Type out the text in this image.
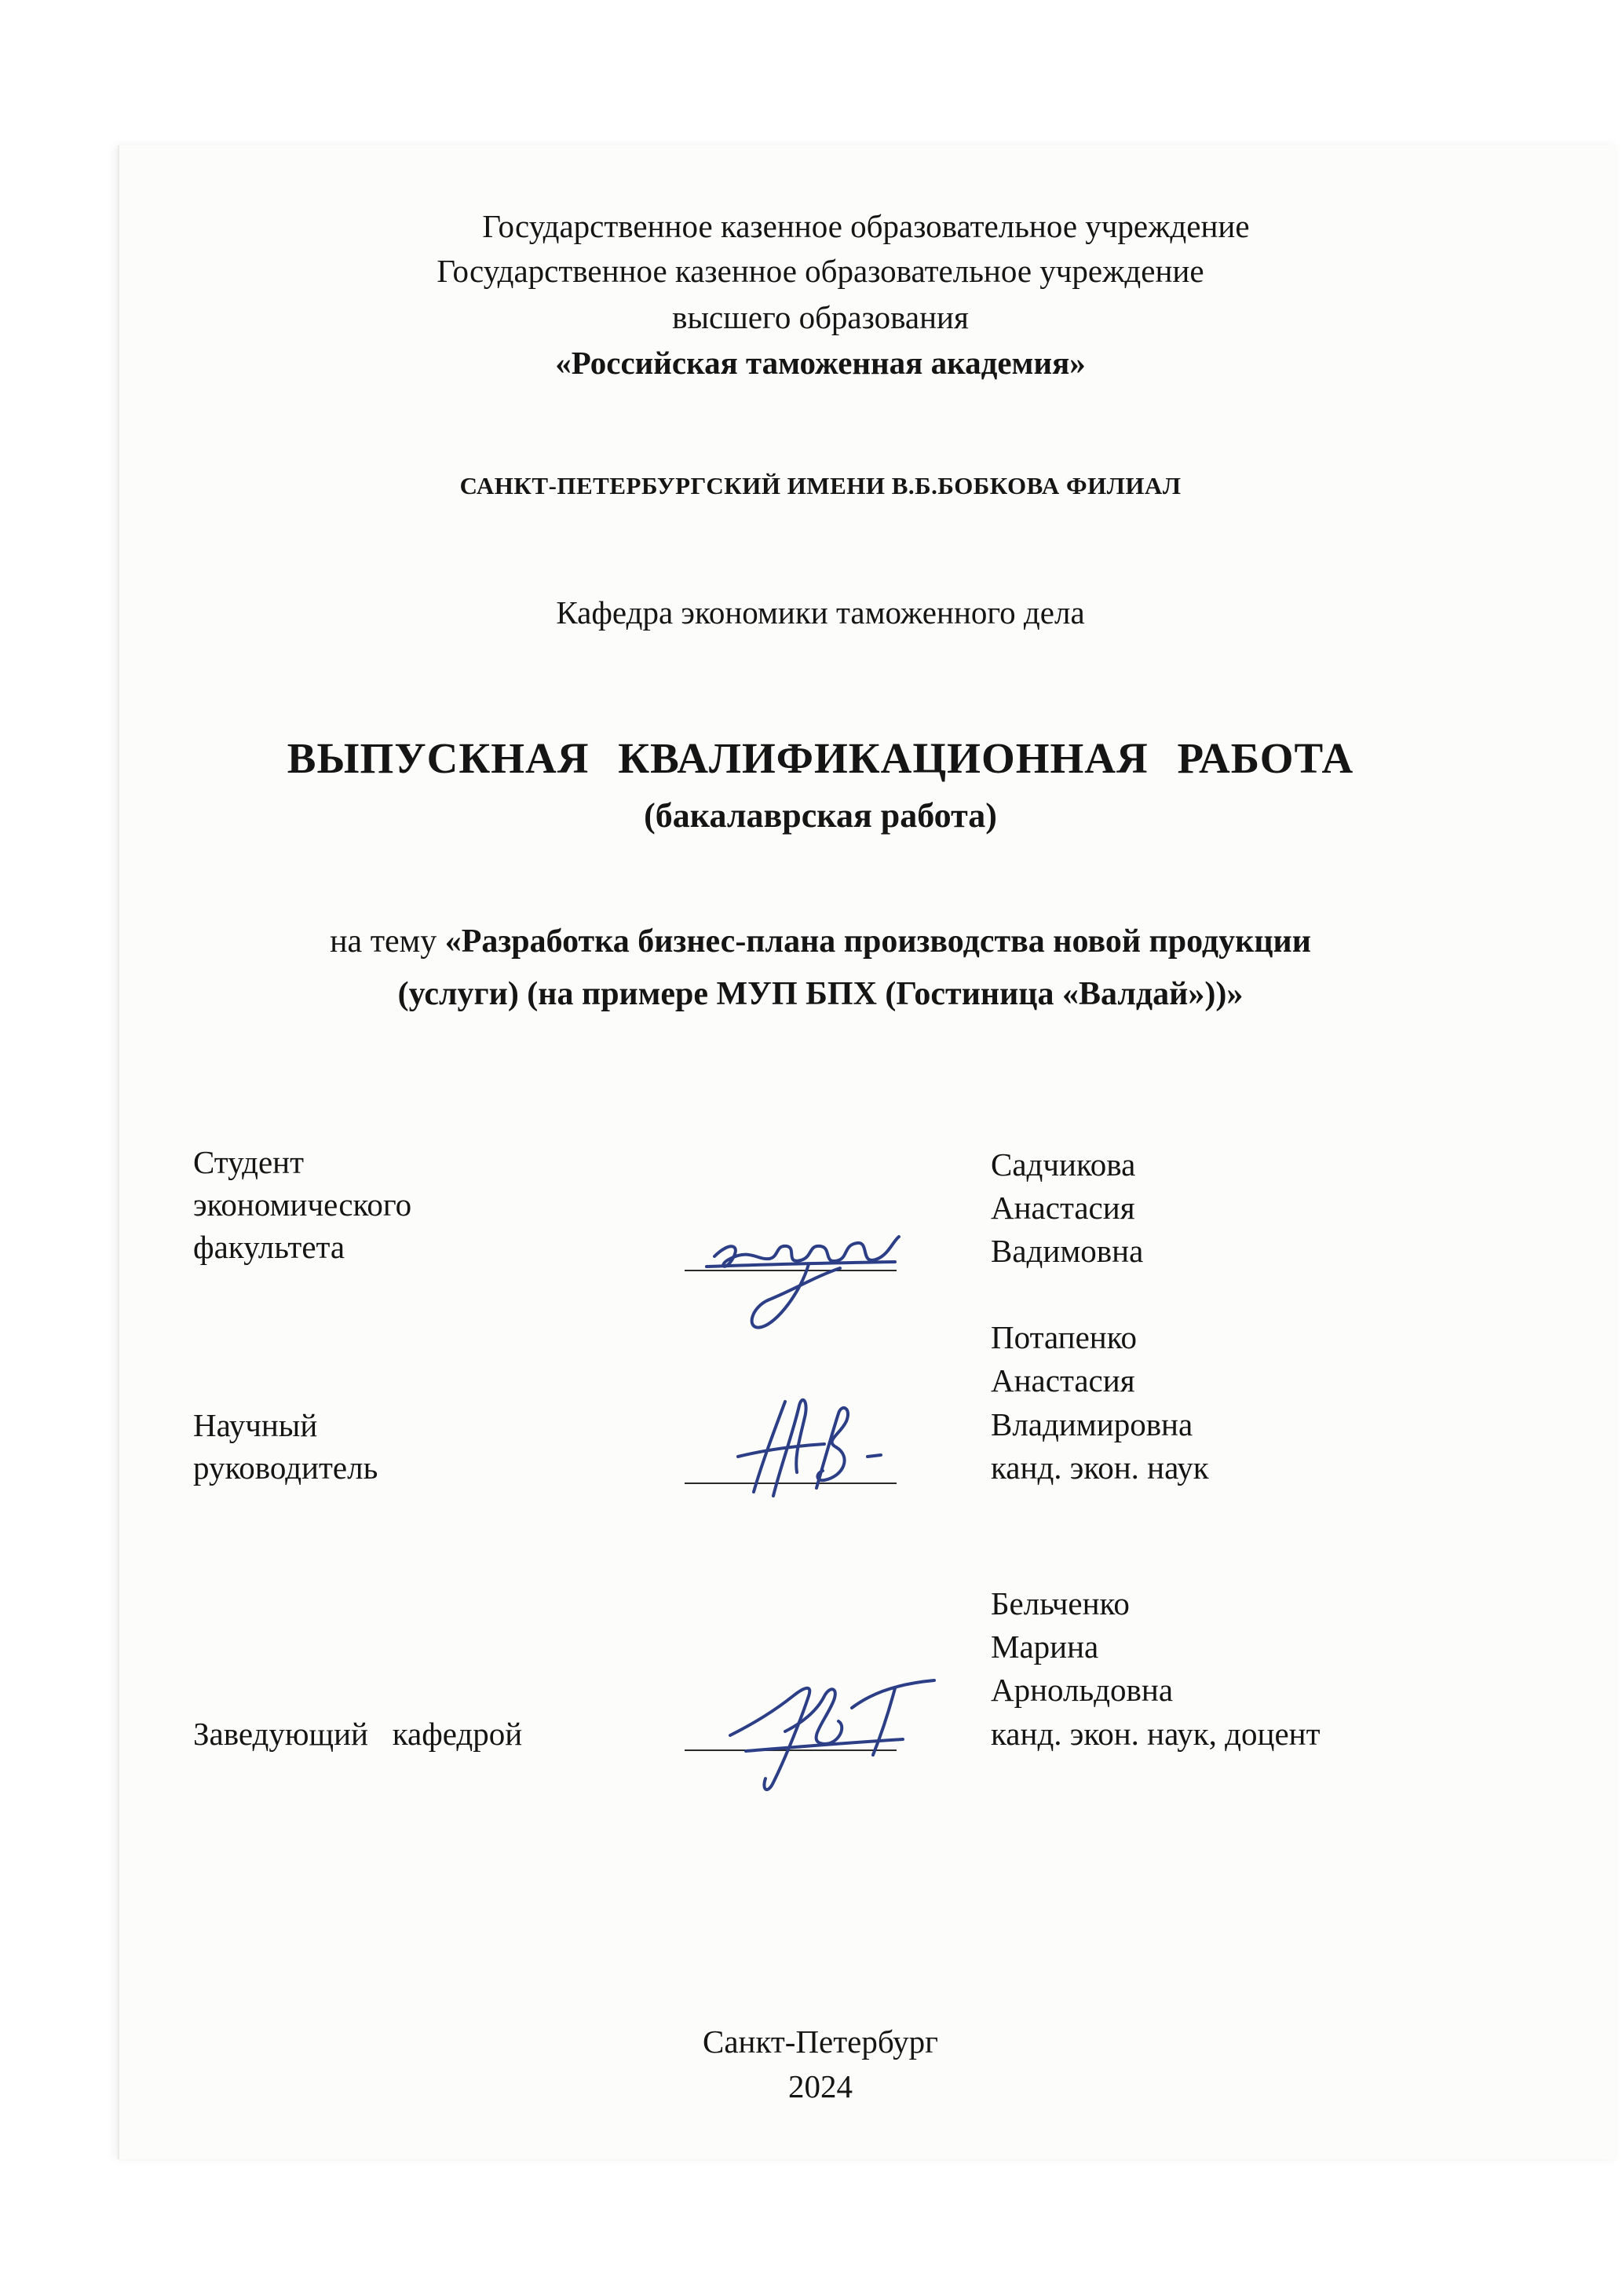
Государственное казенное образовательное учреждение
Государственное казенное образовательное учреждение
высшего образования
«Российская таможенная академия»
САНКТ-ПЕТЕРБУРГСКИЙ ИМЕНИ В.Б.БОБКОВА ФИЛИАЛ
Кафедра экономики таможенного дела
ВЫПУСКНАЯ КВАЛИФИКАЦИОННАЯ РАБОТА
(бакалаврская работа)
на тему «Разработка бизнес-плана производства новой продукции
(услуги) (на примере МУП БПХ (Гостиница «Валдай»))»
Студент
экономического
факультета
Садчикова
Анастасия
Вадимовна
Научный
руководитель
Потапенко
Анастасия
Владимировна
канд. экон. наук
Заведующий   кафедрой
Бельченко
Марина
Арнольдовна
канд. экон. наук, доцент
Санкт-Петербург
2024
